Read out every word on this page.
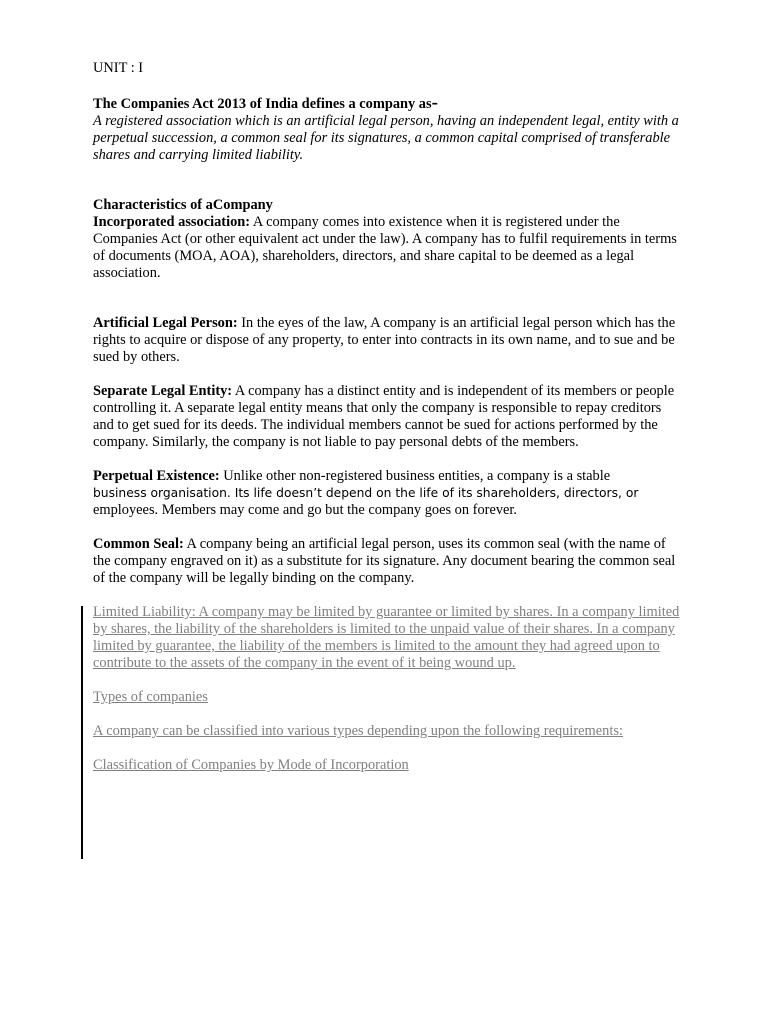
UNIT : I

The Companies Act 2013 of India defines a company as-

A registered association which is an artificial legal person, having an independent legal, entity with a perpetual succession, a common seal for its signatures, a common capital comprised of transferable shares and carrying limited liability.

Characteristics of aCompany

Incorporated association: A company comes into existence when it is registered under the Companies Act (or other equivalent act under the law). A company has to fulfil requirements in terms of documents (MOA, AOA), shareholders, directors, and share capital to be deemed as a legal association.

Artificial Legal Person: In the eyes of the law, A company is an artificial legal person which has the rights to acquire or dispose of any property, to enter into contracts in its own name, and to sue and be sued by others.

Separate Legal Entity: A company has a distinct entity and is independent of its members or people controlling it. A separate legal entity means that only the company is responsible to repay creditors and to get sued for its deeds. The individual members cannot be sued for actions performed by the company. Similarly, the company is not liable to pay personal debts of the members.

Perpetual Existence: Unlike other non-registered business entities, a company is a stable
business organisation. Its life doesn’t depend on the life of its shareholders, directors, or
employees. Members may come and go but the company goes on forever.

Common Seal: A company being an artificial legal person, uses its common seal (with the name of the company engraved on it) as a substitute for its signature. Any document bearing the common seal of the company will be legally binding on the company.

Limited Liability: A company may be limited by guarantee or limited by shares. In a company limited by shares, the liability of the shareholders is limited to the unpaid value of their shares. In a company limited by guarantee, the liability of the members is limited to the amount they had agreed upon to contribute to the assets of the company in the event of it being wound up.

Types of companies

A company can be classified into various types depending upon the following requirements:

Classification of Companies by Mode of Incorporation
